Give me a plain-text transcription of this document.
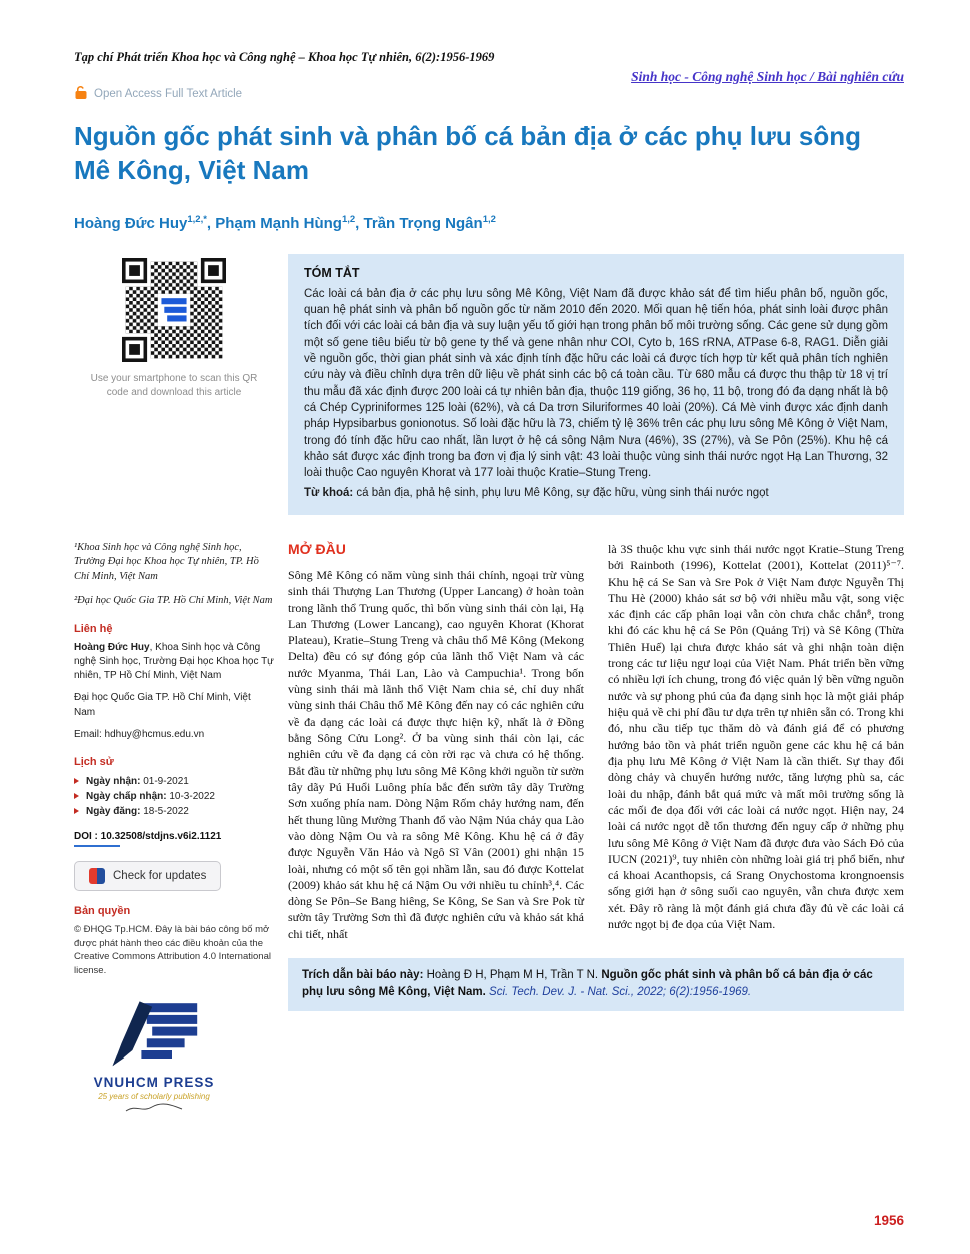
Tạp chí Phát triển Khoa học và Công nghệ – Khoa học Tự nhiên, 6(2):1956-1969
Open Access Full Text Article
Sinh học - Công nghệ Sinh học / Bài nghiên cứu
Nguồn gốc phát sinh và phân bố cá bản địa ở các phụ lưu sông Mê Kông, Việt Nam
Hoàng Đức Huy$^{1,2,*}$, Phạm Mạnh Hùng$^{1,2}$, Trần Trọng Ngân$^{1,2}$

Use your smartphone to scan this QR code and download this article

TÓM TẮT

Các loài cá bản địa ở các phụ lưu sông Mê Kông, Việt Nam đã được khảo sát để tìm hiểu phân bố, nguồn gốc, quan hệ phát sinh và phân bố nguồn gốc từ năm 2010 đến 2020. Mối quan hệ tiến hóa, phát sinh loài được phân tích đối với các loài cá bản địa và suy luận yếu tố giới hạn trong phân bố môi trường sống. Các gene sử dụng gồm một số gene tiêu biểu từ bộ gene ty thể và gene nhân như COI, Cyto b, 16S rRNA, ATPase 6-8, RAG1. Diễn giải về nguồn gốc, thời gian phát sinh và xác định tính đặc hữu các loài cá được tích hợp từ kết quả phân tích nghiên cứu này và điều chỉnh dựa trên dữ liệu về phát sinh các bộ cá toàn cầu. Từ 680 mẫu cá được thu thập từ 18 vị trí thu mẫu đã xác định được 200 loài cá tự nhiên bản địa, thuộc 119 giống, 36 họ, 11 bộ, trong đó đa dạng nhất là bộ cá Chép Cypriniformes 125 loài (62%), và cá Da trơn Siluriformes 40 loài (20%). Cá Mè vinh được xác định danh pháp Hypsibarbus gonionotus. Số loài đặc hữu là 73, chiếm tỷ lệ 36% trên các phụ lưu sông Mê Kông ở Việt Nam, trong đó tính đặc hữu cao nhất, lần lượt ở hệ cá sông Nậm Nưa (46%), 3S (27%), và Se Pôn (25%). Khu hệ cá khảo sát được xác định trong ba đơn vị địa lý sinh vật: 43 loài thuộc vùng sinh thái nước ngọt Hạ Lan Thương, 32 loài thuộc Cao nguyên Khorat và 177 loài thuộc Kratie–Stung Treng.

Từ khoá: cá bản địa, phả hệ sinh, phụ lưu Mê Kông, sự đặc hữu, vùng sinh thái nước ngọt

¹Khoa Sinh học và Công nghệ Sinh học, Trường Đại học Khoa học Tự nhiên, TP. Hồ Chí Minh, Việt Nam

²Đại học Quốc Gia TP. Hồ Chí Minh, Việt Nam

Liên hệ

Hoàng Đức Huy, Khoa Sinh học và Công nghệ Sinh học, Trường Đại học Khoa học Tự nhiên, TP Hồ Chí Minh, Việt Nam

Đại học Quốc Gia TP. Hồ Chí Minh, Việt Nam

Email: hdhuy@hcmus.edu.vn

Lịch sử
Ngày nhận: 01-9-2021
Ngày chấp nhận: 10-3-2022
Ngày đăng: 18-5-2022

DOI : 10.32508/stdjns.v6i2.1121

Check for updates
Bản quyền

© ĐHQG Tp.HCM. Đây là bài báo công bố mở được phát hành theo các điều khoản của the Creative Commons Attribution 4.0 International license.

VNUHCM PRESS
25 years of scholarly publishing
MỞ ĐẦU

Sông Mê Kông có năm vùng sinh thái chính, ngoại trừ vùng sinh thái Thượng Lan Thương (Upper Lancang) ở hoàn toàn trong lãnh thổ Trung quốc, thì bốn vùng sinh thái còn lại, Hạ Lan Thương (Lower Lancang), cao nguyên Khorat (Khorat Plateau), Kratie–Stung Treng và châu thổ Mê Kông (Mekong Delta) đều có sự đóng góp của lãnh thổ Việt Nam và các nước Myanma, Thái Lan, Lào và Campuchia¹. Trong bốn vùng sinh thái mà lãnh thổ Việt Nam chia sẻ, chỉ duy nhất vùng sinh thái Châu thổ Mê Kông đến nay có các nghiên cứu về đa dạng các loài cá được thực hiện kỹ, nhất là ở Đồng bằng Sông Cửu Long². Ở ba vùng sinh thái còn lại, các nghiên cứu về đa dạng cá còn rời rạc và chưa có hệ thống. Bắt đầu từ những phụ lưu sông Mê Kông khởi nguồn từ sườn tây dãy Pú Huổi Luông phía bắc đến sườn tây dãy Trường Sơn xuống phía nam. Dòng Nậm Rốm chảy hướng nam, đến hết thung lũng Mường Thanh đổ vào Nậm Núa chảy qua Lào vào dòng Nậm Ou và ra sông Mê Kông. Khu hệ cá ở đây được Nguyễn Văn Hảo và Ngô Sĩ Vân (2001) ghi nhận 15 loài, nhưng có một số tên gọi nhầm lẫn, sau đó được Kottelat (2009) khảo sát khu hệ cá Nậm Ou với nhiều tu chỉnh³,⁴. Các dòng Se Pôn–Se Bang hiêng, Se Kông, Se San và Sre Pok từ sườn tây Trường Sơn thì đã được nghiên cứu và khảo sát khá chi tiết, nhất

là 3S thuộc khu vực sinh thái nước ngọt Kratie–Stung Treng bởi Rainboth (1996), Kottelat (2001), Kottelat (2011)⁵⁻⁷. Khu hệ cá Se San và Sre Pok ở Việt Nam được Nguyễn Thị Thu Hè (2000) khảo sát sơ bộ với nhiều mẫu vật, song việc xác định các cấp phân loại vẫn còn chưa chắc chắn⁸, trong khi đó các khu hệ cá Se Pôn (Quảng Trị) và Sê Kông (Thừa Thiên Huế) lại chưa được khảo sát và ghi nhận toàn diện trong các tư liệu ngư loại của Việt Nam. Phát triển bền vững có nhiều lợi ích chung, trong đó việc quản lý bền vững nguồn nước và sự phong phú của đa dạng sinh học là một giải pháp hiệu quả về chi phí đầu tư dựa trên tự nhiên sẵn có. Trong khi đó, nhu cầu tiếp tục thăm dò và đánh giá để có phương hướng bảo tồn và phát triển nguồn gene các khu hệ cá bản địa phụ lưu Mê Kông ở Việt Nam là cần thiết. Sự thay đổi dòng chảy và chuyển hướng nước, tăng lượng phù sa, các loài du nhập, đánh bắt quá mức và mất môi trường sống là các mối đe dọa đối với các loài cá nước ngọt. Hiện nay, 24 loài cá nước ngọt dễ tổn thương đến nguy cấp ở những phụ lưu sông Mê Kông ở Việt Nam đã được đưa vào Sách Đỏ của IUCN (2021)⁹, tuy nhiên còn những loài giá trị phổ biến, như cá khoai Acanthopsis, cá Srang Onychostoma krongnoensis sống giới hạn ở sông suối cao nguyên, vẫn chưa được xem xét. Đây rõ ràng là một đánh giá chưa đầy đủ về các loài cá nước ngọt bị đe dọa của Việt Nam.

Trích dẫn bài báo này: Hoàng Đ H, Phạm M H, Trần T N. Nguồn gốc phát sinh và phân bố cá bản địa ở các phụ lưu sông Mê Kông, Việt Nam. Sci. Tech. Dev. J. - Nat. Sci., 2022; 6(2):1956-1969.
1956
